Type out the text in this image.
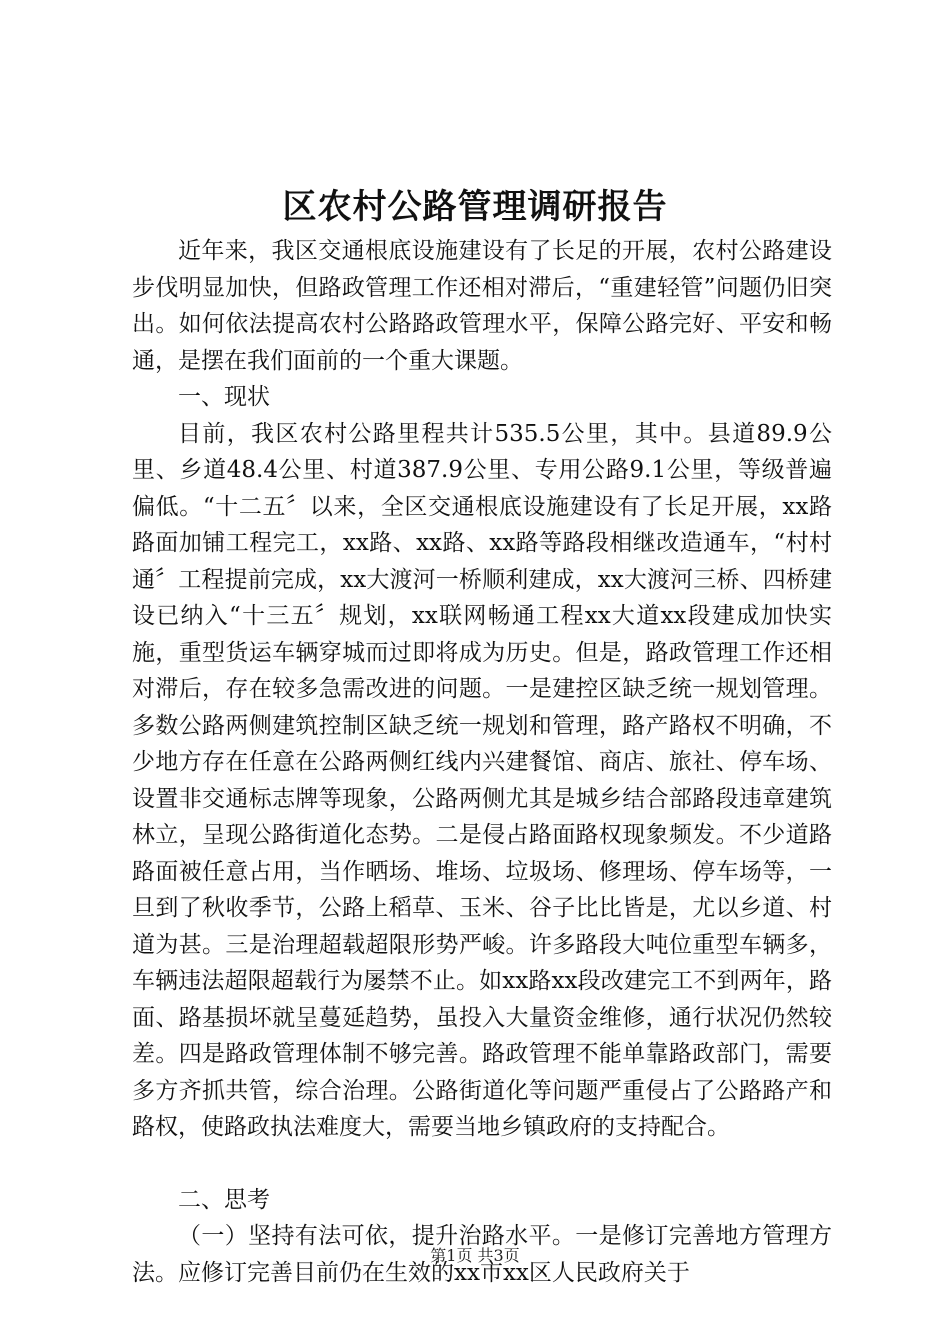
区农村公路管理调研报告

近年来，我区交通根底设施建设有了长足的开展，农村公路建设步伐明显加快，但路政管理工作还相对滞后，“重建轻管”问题仍旧突出。如何依法提高农村公路路政管理水平，保障公路完好、平安和畅通，是摆在我们面前的一个重大课题。

一、现状

目前，我区农村公路里程共计535.5公里，其中。县道89.9公里、乡道48.4公里、村道387.9公里、专用公路9.1公里，等级普遍偏低。“十二五〞以来，全区交通根底设施建设有了长足开展，xx路路面加铺工程完工，xx路、xx路、xx路等路段相继改造通车，“村村通〞工程提前完成，xx大渡河一桥顺利建成，xx大渡河三桥、四桥建设已纳入“十三五〞规划，xx联网畅通工程xx大道xx段建成加快实施，重型货运车辆穿城而过即将成为历史。但是，路政管理工作还相对滞后，存在较多急需改进的问题。一是建控区缺乏统一规划管理。多数公路两侧建筑控制区缺乏统一规划和管理，路产路权不明确，不少地方存在任意在公路两侧红线内兴建餐馆、商店、旅社、停车场、设置非交通标志牌等现象，公路两侧尤其是城乡结合部路段违章建筑林立，呈现公路街道化态势。二是侵占路面路权现象频发。不少道路路面被任意占用，当作晒场、堆场、垃圾场、修理场、停车场等，一旦到了秋收季节，公路上稻草、玉米、谷子比比皆是，尤以乡道、村道为甚。三是治理超载超限形势严峻。许多路段大吨位重型车辆多，车辆违法超限超载行为屡禁不止。如xx路xx段改建完工不到两年，路面、路基损坏就呈蔓延趋势，虽投入大量资金维修，通行状况仍然较差。四是路政管理体制不够完善。路政管理不能单靠路政部门，需要多方齐抓共管，综合治理。公路街道化等问题严重侵占了公路路产和路权，使路政执法难度大，需要当地乡镇政府的支持配合。

二、思考

（一）坚持有法可依，提升治路水平。一是修订完善地方管理方法。应修订完善目前仍在生效的xx市xx区人民政府关于

第1页 共3页
